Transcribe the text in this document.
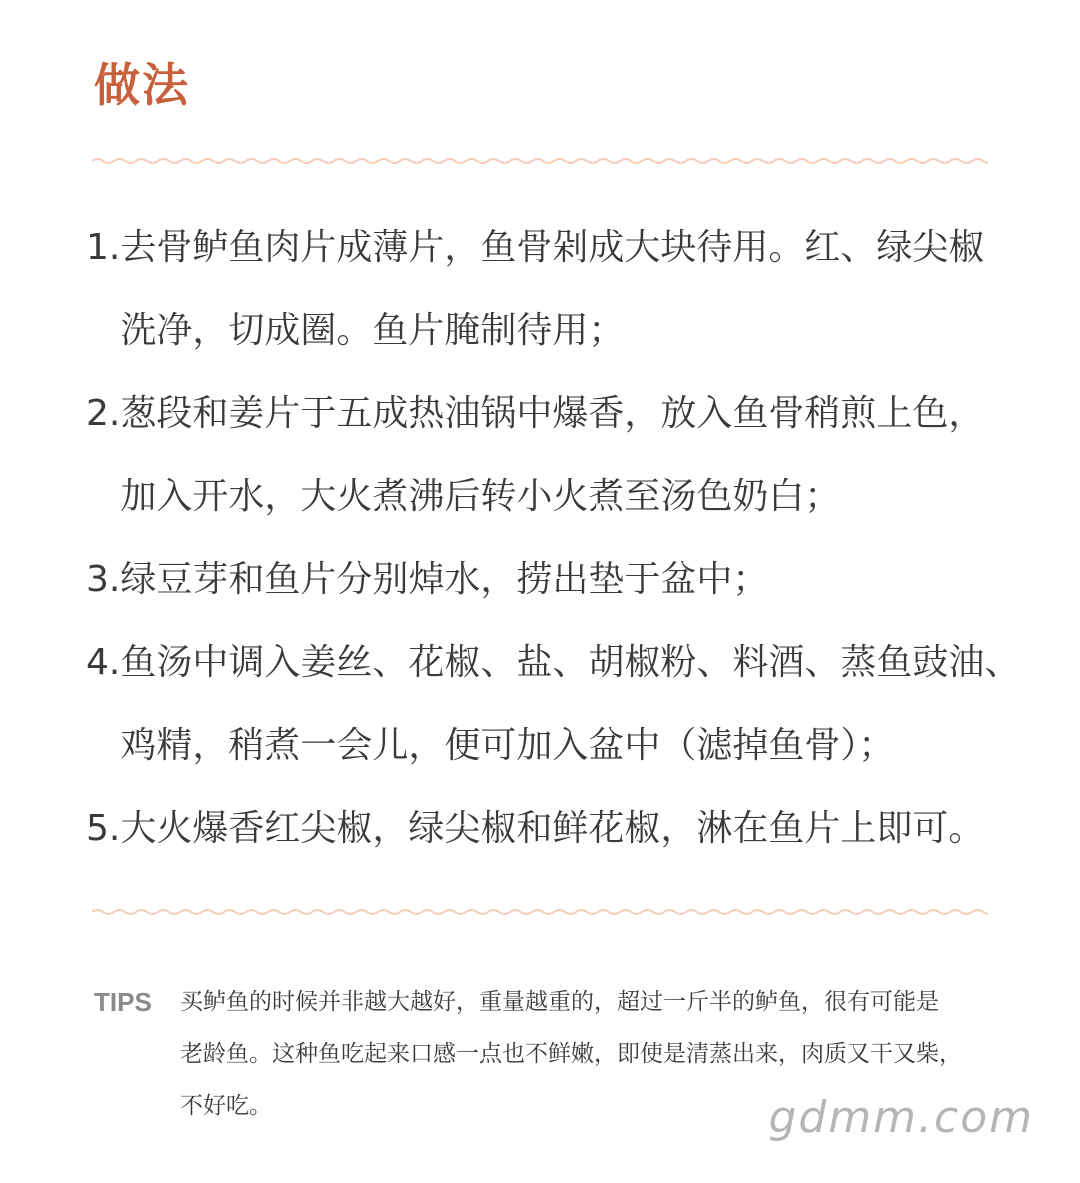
做法
1. 去骨鲈鱼肉片成薄片，鱼骨剁成大块待用。红、绿尖椒
洗净，切成圈。鱼片腌制待用；
2. 葱段和姜片于五成热油锅中爆香，放入鱼骨稍煎上色，
加入开水，大火煮沸后转小火煮至汤色奶白；
3. 绿豆芽和鱼片分别焯水，捞出垫于盆中；
4. 鱼汤中调入姜丝、花椒、盐、胡椒粉、料酒、蒸鱼豉油、
鸡精，稍煮一会儿，便可加入盆中（滤掉鱼骨）；
5. 大火爆香红尖椒，绿尖椒和鲜花椒，淋在鱼片上即可。
TIPS	买鲈鱼的时候并非越大越好，重量越重的，超过一斤半的鲈鱼，很有可能是
老龄鱼。这种鱼吃起来口感一点也不鲜嫩，即使是清蒸出来，肉质又干又柴，
不好吃。	gdmm.com
